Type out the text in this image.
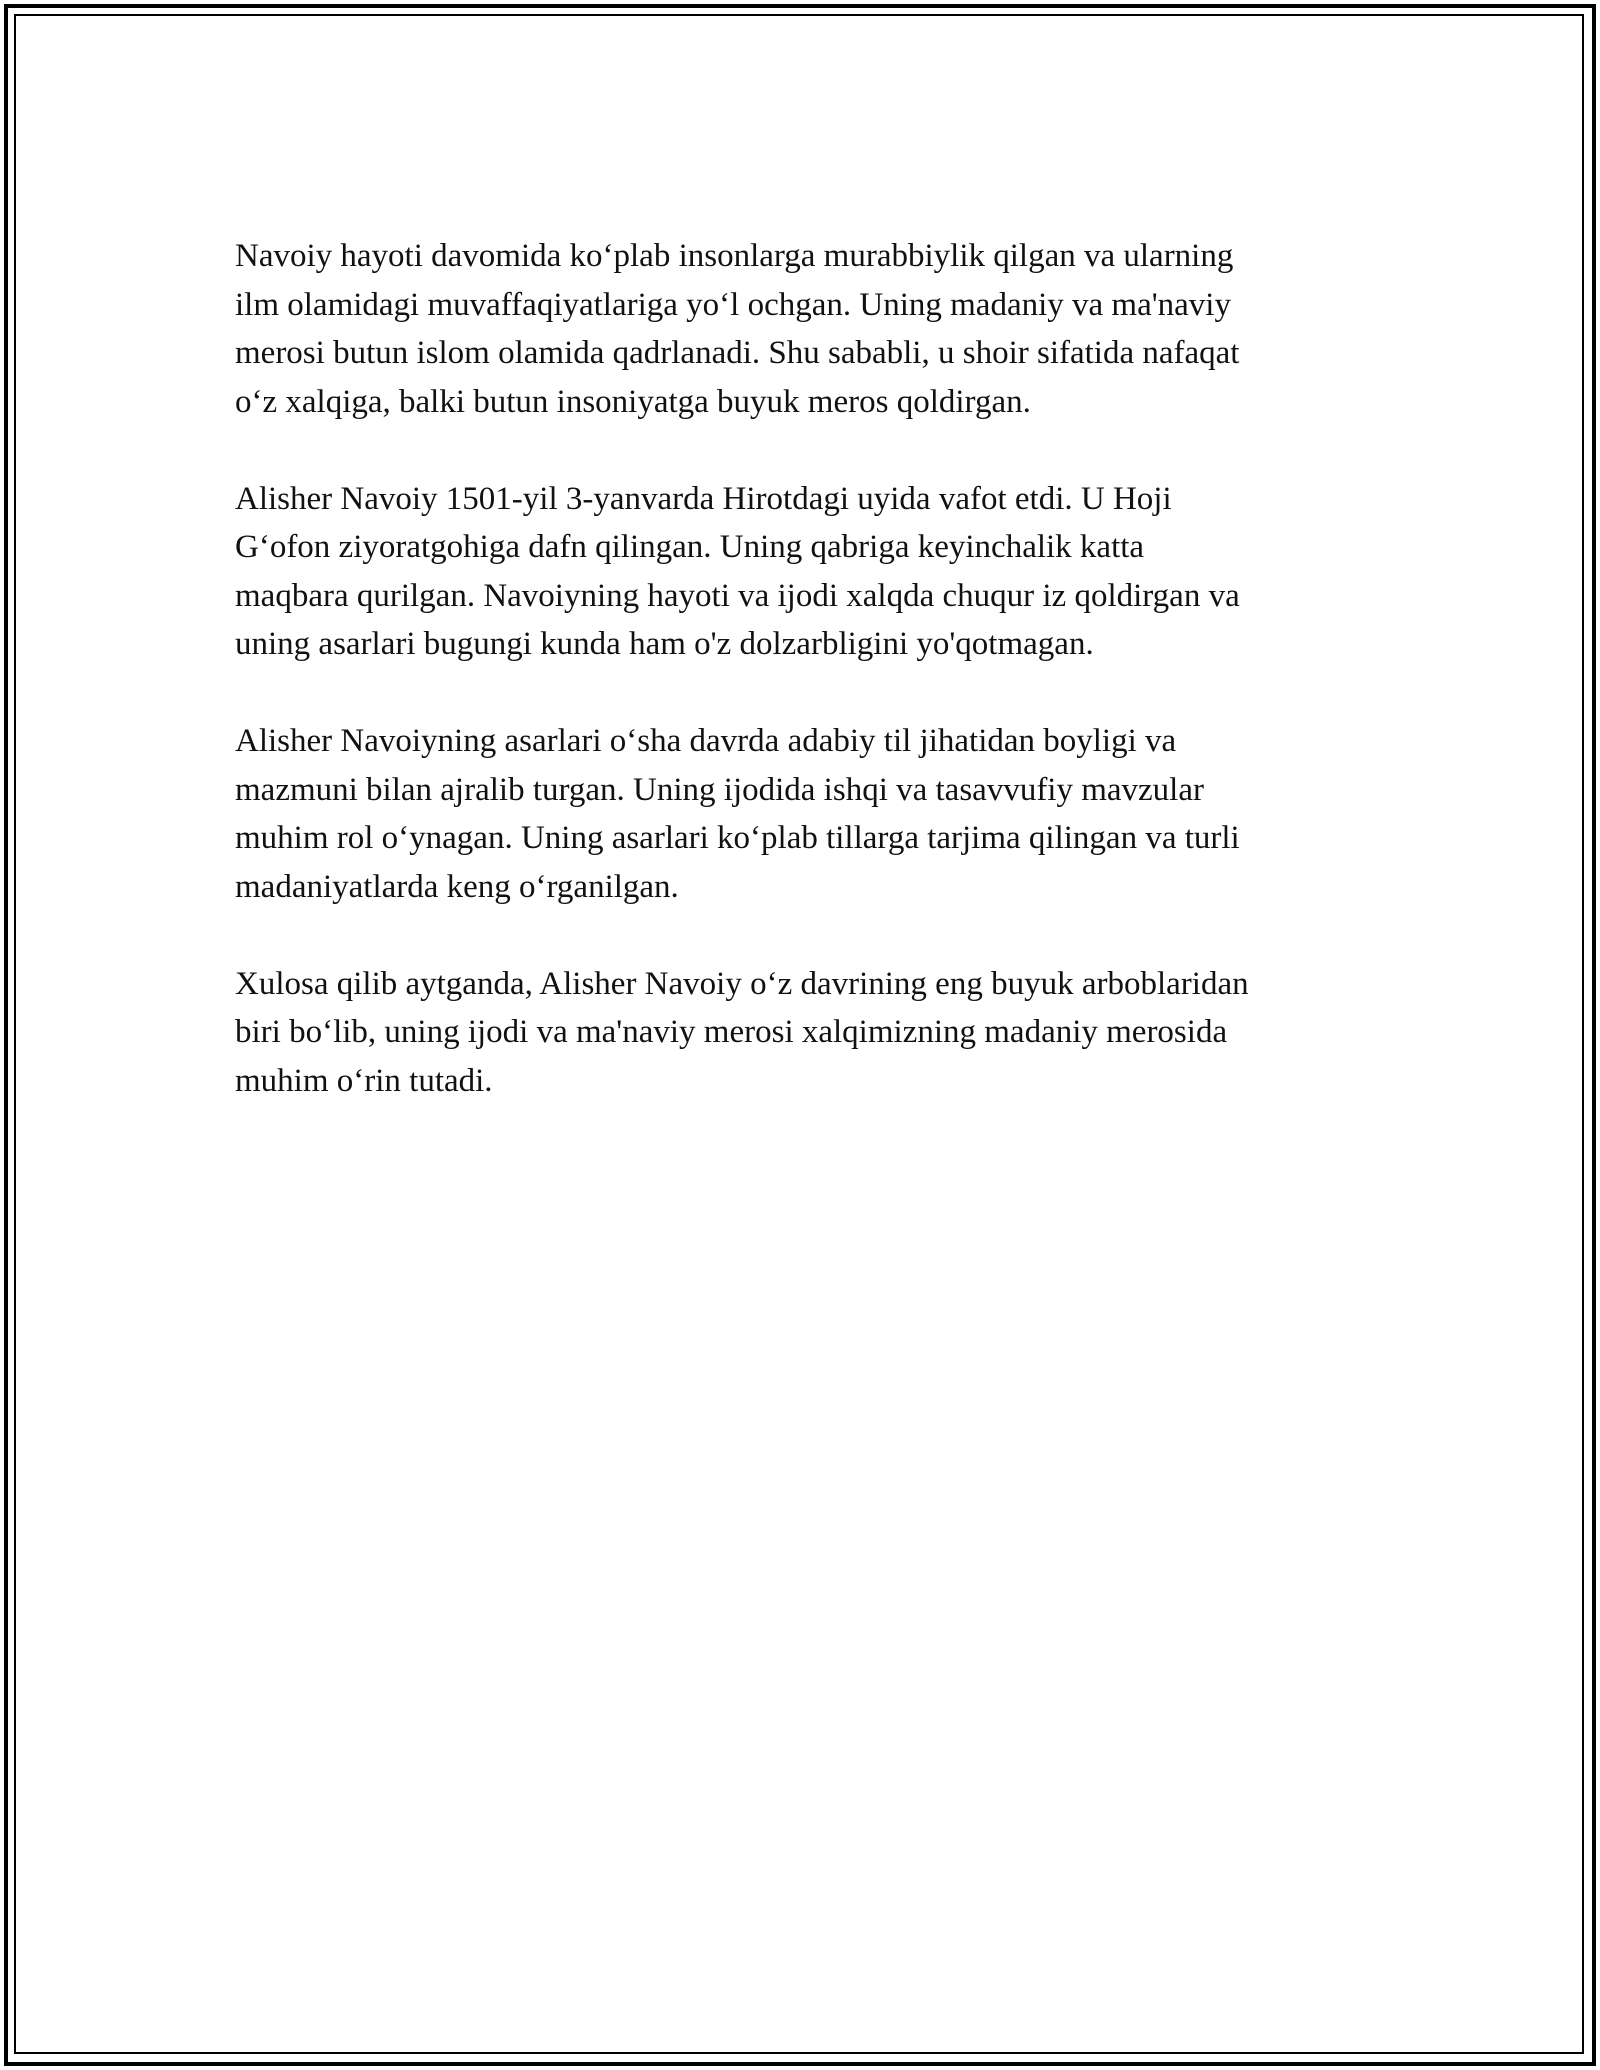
Navoiy hayoti davomida koʻplab insonlarga murabbiylik qilgan va ularning
ilm olamidagi muvaffaqiyatlariga yoʻl ochgan. Uning madaniy va ma'naviy
merosi butun islom olamida qadrlanadi. Shu sababli, u shoir sifatida nafaqat
oʻz xalqiga, balki butun insoniyatga buyuk meros qoldirgan.

Alisher Navoiy 1501-yil 3-yanvarda Hirotdagi uyida vafot etdi. U Hoji
Gʻofon ziyoratgohiga dafn qilingan. Uning qabriga keyinchalik katta
maqbara qurilgan. Navoiyning hayoti va ijodi xalqda chuqur iz qoldirgan va
uning asarlari bugungi kunda ham o'z dolzarbligini yo'qotmagan.

Alisher Navoiyning asarlari oʻsha davrda adabiy til jihatidan boyligi va
mazmuni bilan ajralib turgan. Uning ijodida ishqi va tasavvufiy mavzular
muhim rol oʻynagan. Uning asarlari koʻplab tillarga tarjima qilingan va turli
madaniyatlarda keng oʻrganilgan.

Xulosa qilib aytganda, Alisher Navoiy oʻz davrining eng buyuk arboblaridan
biri boʻlib, uning ijodi va ma'naviy merosi xalqimizning madaniy merosida
muhim oʻrin tutadi.
